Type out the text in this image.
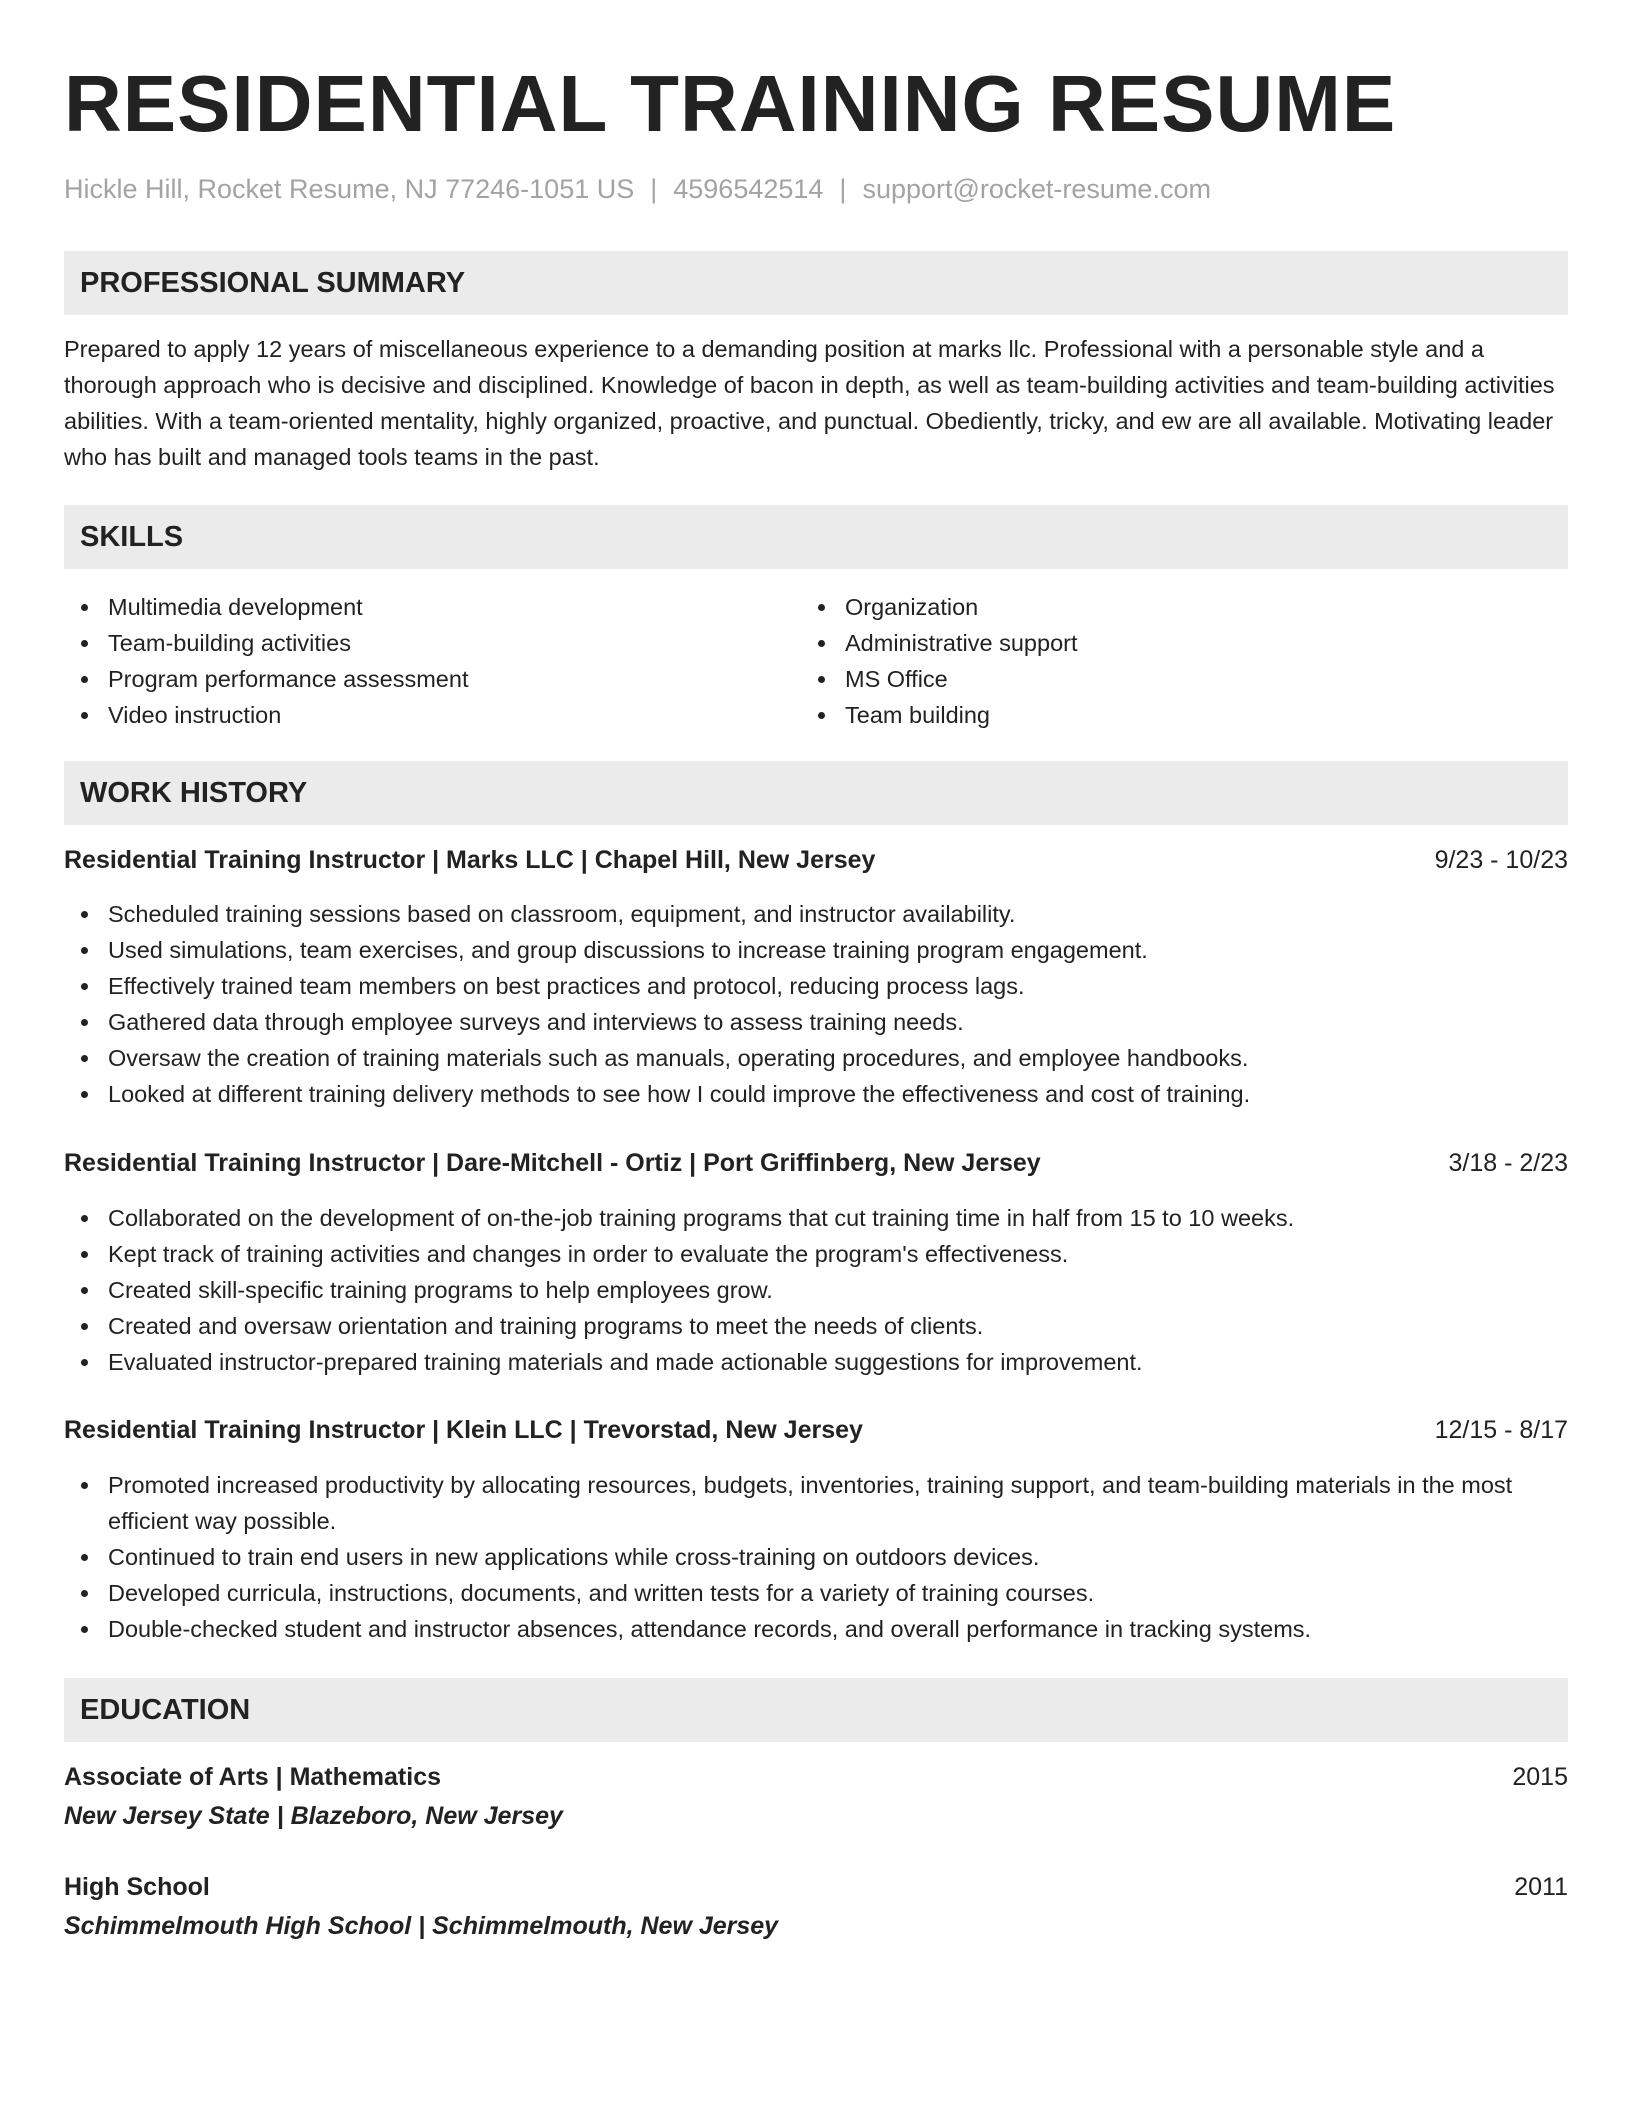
RESIDENTIAL TRAINING RESUME
Hickle Hill, Rocket Resume, NJ 77246-1051 US | 4596542514 | support@rocket-resume.com
PROFESSIONAL SUMMARY

Prepared to apply 12 years of miscellaneous experience to a demanding position at marks llc. Professional with a personable style and a thorough approach who is decisive and disciplined. Knowledge of bacon in depth, as well as team-building activities and team-building activities abilities. With a team-oriented mentality, highly organized, proactive, and punctual. Obediently, tricky, and ew are all available. Motivating leader who has built and managed tools teams in the past.

SKILLS
Multimedia development
Team-building activities
Program performance assessment
Video instruction
Organization
Administrative support
MS Office
Team building
WORK HISTORY
Residential Training Instructor | Marks LLC | Chapel Hill, New Jersey	9/23 - 10/23
Scheduled training sessions based on classroom, equipment, and instructor availability.
Used simulations, team exercises, and group discussions to increase training program engagement.
Effectively trained team members on best practices and protocol, reducing process lags.
Gathered data through employee surveys and interviews to assess training needs.
Oversaw the creation of training materials such as manuals, operating procedures, and employee handbooks.
Looked at different training delivery methods to see how I could improve the effectiveness and cost of training.
Residential Training Instructor | Dare-Mitchell - Ortiz | Port Griffinberg, New Jersey	3/18 - 2/23
Collaborated on the development of on-the-job training programs that cut training time in half from 15 to 10 weeks.
Kept track of training activities and changes in order to evaluate the program's effectiveness.
Created skill-specific training programs to help employees grow.
Created and oversaw orientation and training programs to meet the needs of clients.
Evaluated instructor-prepared training materials and made actionable suggestions for improvement.
Residential Training Instructor | Klein LLC | Trevorstad, New Jersey	12/15 - 8/17
Promoted increased productivity by allocating resources, budgets, inventories, training support, and team-building materials in the most efficient way possible.
Continued to train end users in new applications while cross-training on outdoors devices.
Developed curricula, instructions, documents, and written tests for a variety of training courses.
Double-checked student and instructor absences, attendance records, and overall performance in tracking systems.
EDUCATION
Associate of Arts | Mathematics	2015
New Jersey State | Blazeboro, New Jersey
High School	2011
Schimmelmouth High School | Schimmelmouth, New Jersey
